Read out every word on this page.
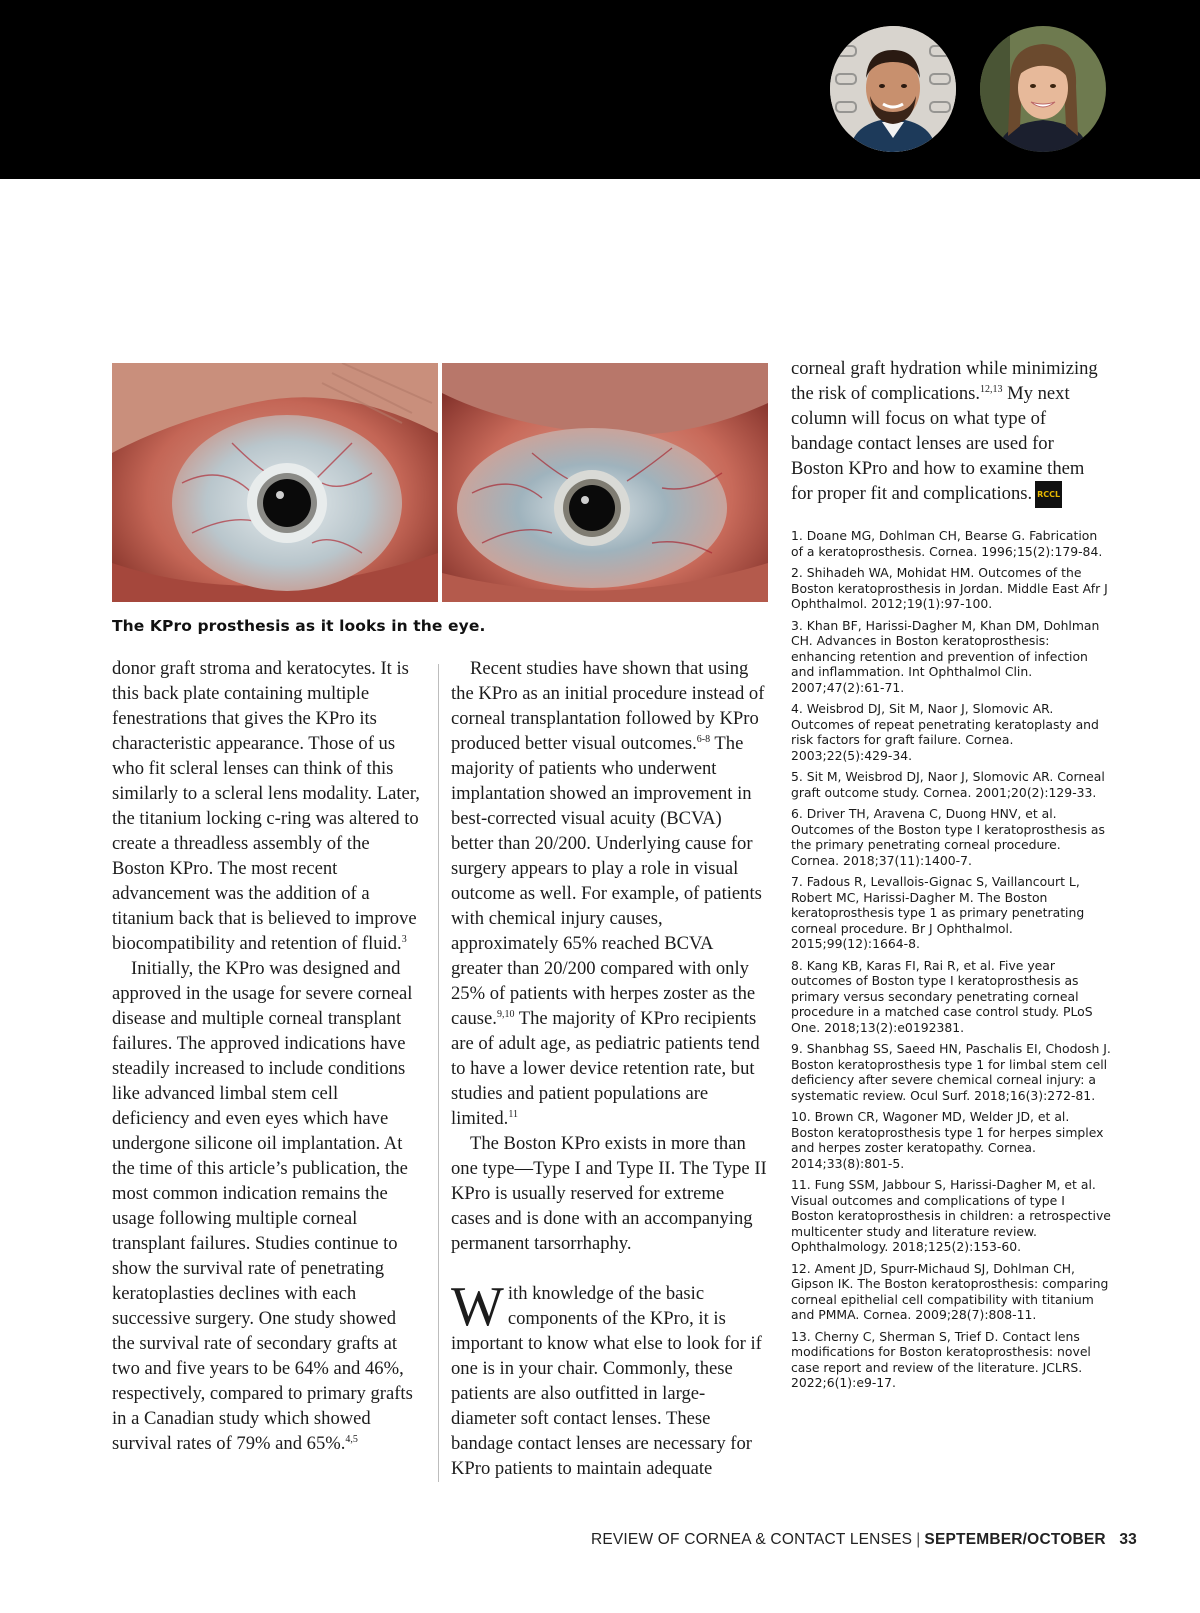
The KPro prosthesis as it looks in the eye.

donor graft stroma and keratocytes. It is this back plate containing multiple fenestrations that gives the KPro its characteristic appearance. Those of us who fit scleral lenses can think of this similarly to a scleral lens modality. Later, the titanium locking c-ring was altered to create a threadless assembly of the Boston KPro. The most recent advancement was the addition of a titanium back that is believed to improve biocompatibility and retention of fluid.$^3$

Initially, the KPro was designed and approved in the usage for severe corneal disease and multiple corneal transplant failures. The approved indications have steadily increased to include conditions like advanced limbal stem cell deficiency and even eyes which have undergone silicone oil implantation. At the time of this article’s publication, the most common indication remains the usage following multiple corneal transplant failures. Studies continue to show the survival rate of penetrating keratoplasties declines with each successive surgery. One study showed the survival rate of secondary grafts at two and five years to be 64% and 46%, respectively, compared to primary grafts in a Canadian study which showed survival rates of 79% and 65%.$^{4,5}$

Recent studies have shown that using the KPro as an initial procedure instead of corneal transplantation followed by KPro produced better visual outcomes.$^{6-8}$ The majority of patients who underwent implantation showed an improvement in best-corrected visual acuity (BCVA) better than 20/200. Underlying cause for surgery appears to play a role in visual outcome as well. For example, of patients with chemical injury causes, approximately 65% reached BCVA greater than 20/200 compared with only 25% of patients with herpes zoster as the cause.$^{9,10}$ The majority of KPro recipients are of adult age, as pediatric patients tend to have a lower device retention rate, but studies and patient populations are limited.$^{11}$

The Boston KPro exists in more than one type—Type I and Type II. The Type II KPro is usually reserved for extreme cases and is done with an accompanying permanent tarsorrhaphy.

With knowledge of the basic components of the KPro, it is important to know what else to look for if one is in your chair. Commonly, these patients are also outfitted in large-diameter soft contact lenses. These bandage contact lenses are necessary for KPro patients to maintain adequate

corneal graft hydration while minimizing the risk of complications.$^{12,13}$ My next column will focus on what type of bandage contact lenses are used for Boston KPro and how to examine them for proper fit and complications. RCCL

1. Doane MG, Dohlman CH, Bearse G. Fabrication of a keratoprosthesis. Cornea. 1996;15(2):179-84.

2. Shihadeh WA, Mohidat HM. Outcomes of the Boston keratoprosthesis in Jordan. Middle East Afr J Ophthalmol. 2012;19(1):97-100.

3. Khan BF, Harissi-Dagher M, Khan DM, Dohlman CH. Advances in Boston keratoprosthesis: enhancing retention and prevention of infection and inflammation. Int Ophthalmol Clin. 2007;47(2):61-71.

4. Weisbrod DJ, Sit M, Naor J, Slomovic AR. Outcomes of repeat penetrating keratoplasty and risk factors for graft failure. Cornea. 2003;22(5):429-34.

5. Sit M, Weisbrod DJ, Naor J, Slomovic AR. Corneal graft outcome study. Cornea. 2001;20(2):129-33.

6. Driver TH, Aravena C, Duong HNV, et al. Outcomes of the Boston type I keratoprosthesis as the primary penetrating corneal procedure. Cornea. 2018;37(11):1400-7.

7. Fadous R, Levallois-Gignac S, Vaillancourt L, Robert MC, Harissi-Dagher M. The Boston keratoprosthesis type 1 as primary penetrating corneal procedure. Br J Ophthalmol. 2015;99(12):1664-8.

8. Kang KB, Karas FI, Rai R, et al. Five year outcomes of Boston type I keratoprosthesis as primary versus secondary penetrating corneal procedure in a matched case control study. PLoS One. 2018;13(2):e0192381.

9. Shanbhag SS, Saeed HN, Paschalis EI, Chodosh J. Boston keratoprosthesis type 1 for limbal stem cell deficiency after severe chemical corneal injury: a systematic review. Ocul Surf. 2018;16(3):272-81.

10. Brown CR, Wagoner MD, Welder JD, et al. Boston keratoprosthesis type 1 for herpes simplex and herpes zoster keratopathy. Cornea. 2014;33(8):801-5.

11. Fung SSM, Jabbour S, Harissi-Dagher M, et al. Visual outcomes and complications of type I Boston keratoprosthesis in children: a retrospective multicenter study and literature review. Ophthalmology. 2018;125(2):153-60.

12. Ament JD, Spurr-Michaud SJ, Dohlman CH, Gipson IK. The Boston keratoprosthesis: comparing corneal epithelial cell compatibility with titanium and PMMA. Cornea. 2009;28(7):808-11.

13. Cherny C, Sherman S, Trief D. Contact lens modifications for Boston keratoprosthesis: novel case report and review of the literature. JCLRS. 2022;6(1):e9-17.

REVIEW OF CORNEA & CONTACT LENSES | SEPTEMBER/OCTOBER 33
